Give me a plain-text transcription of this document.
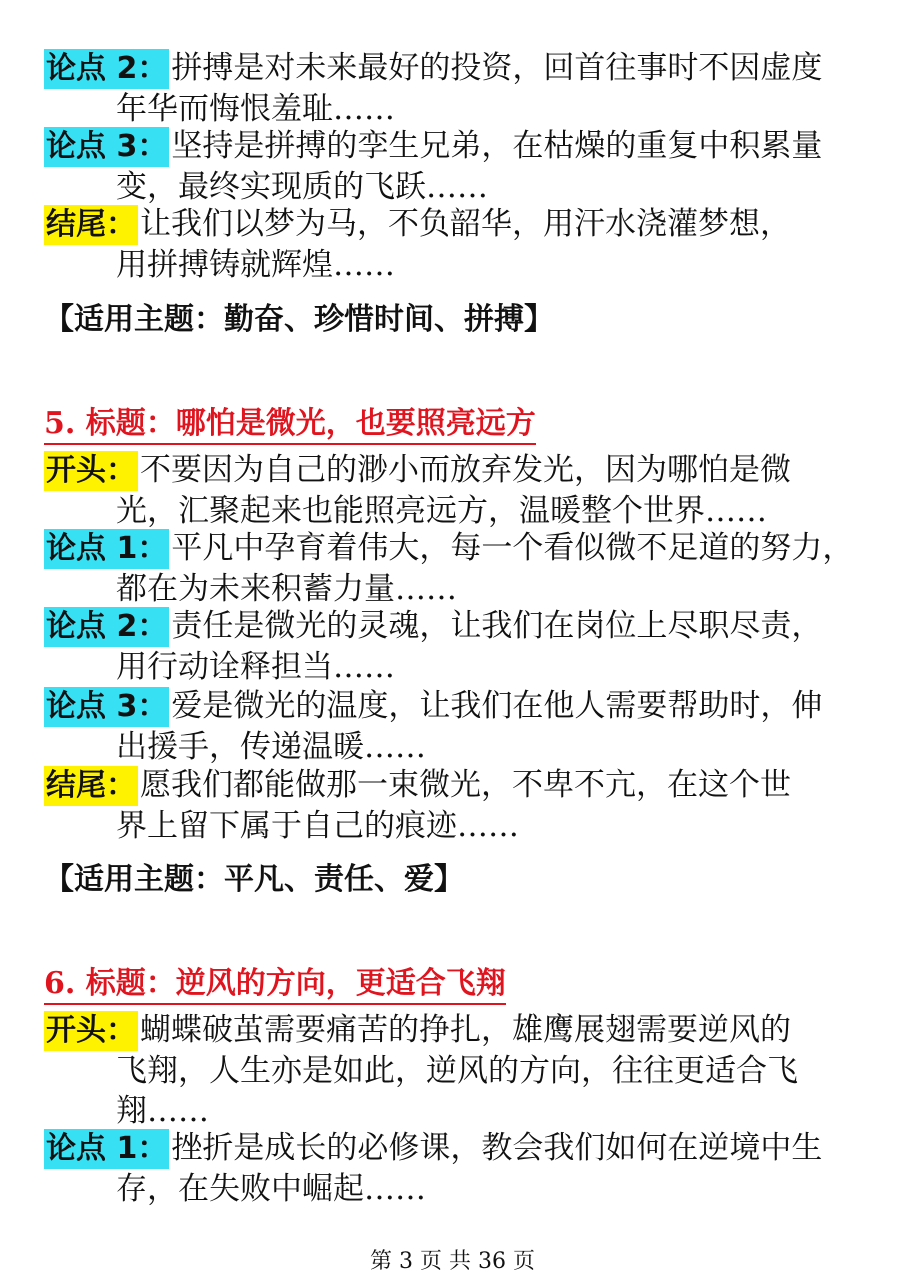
论点 2： 拼搏是对未来最好的投资，回首往事时不因虚度
年华而悔恨羞耻……
论点 3： 坚持是拼搏的孪生兄弟，在枯燥的重复中积累量
变，最终实现质的飞跃……
结尾： 让我们以梦为马，不负韶华，用汗水浇灌梦想，
用拼搏铸就辉煌……
【适用主题：勤奋、珍惜时间、拼搏】
5. 标题：哪怕是微光，也要照亮远方
开头： 不要因为自己的渺小而放弃发光，因为哪怕是微
光，汇聚起来也能照亮远方，温暖整个世界……
论点 1： 平凡中孕育着伟大，每一个看似微不足道的努力，
都在为未来积蓄力量……
论点 2： 责任是微光的灵魂，让我们在岗位上尽职尽责，
用行动诠释担当……
论点 3： 爱是微光的温度，让我们在他人需要帮助时，伸
出援手，传递温暖……
结尾： 愿我们都能做那一束微光，不卑不亢，在这个世
界上留下属于自己的痕迹……
【适用主题：平凡、责任、爱】
6. 标题：逆风的方向，更适合飞翔
开头： 蝴蝶破茧需要痛苦的挣扎，雄鹰展翅需要逆风的
飞翔，人生亦是如此，逆风的方向，往往更适合飞
翔……
论点 1： 挫折是成长的必修课，教会我们如何在逆境中生
存，在失败中崛起……
第 3 页 共 36 页
